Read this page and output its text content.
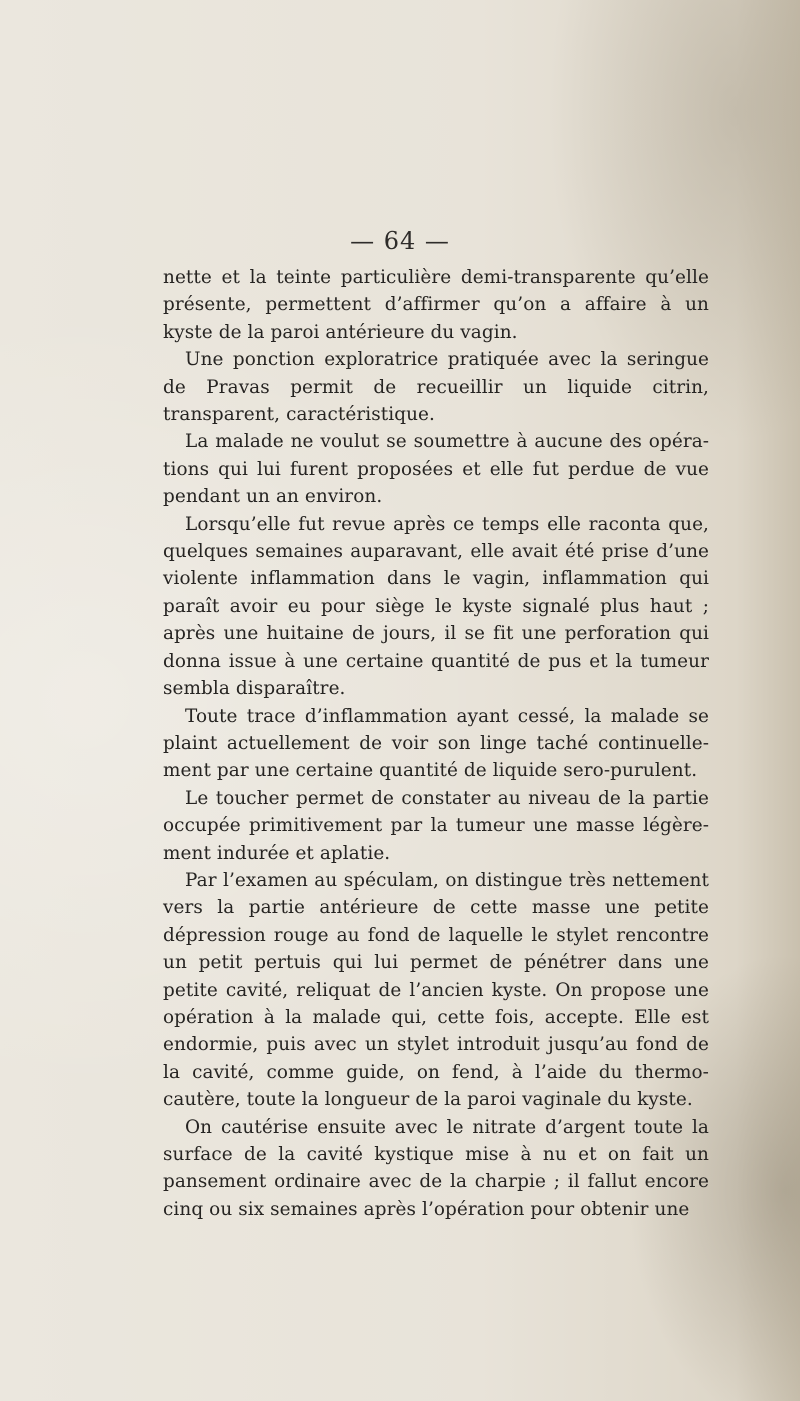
— 64 —

nette et la teinte particulière demi-transparente qu’elle présente, permettent d’affirmer qu’on a affaire à un kyste de la paroi antérieure du vagin.

Une ponction exploratrice pratiquée avec la seringue de Pravas permit de recueillir un liquide citrin, transparent, caractéristique.

La malade ne voulut se soumettre à aucune des opérations qui lui furent proposées et elle fut perdue de vue pendant un an environ.

Lorsqu’elle fut revue après ce temps elle raconta que, quelques semaines auparavant, elle avait été prise d’une violente inflammation dans le vagin, inflammation qui paraît avoir eu pour siège le kyste signalé plus haut ; après une huitaine de jours, il se fit une perforation qui donna issue à une certaine quantité de pus et la tumeur sembla disparaître.

Toute trace d’inflammation ayant cessé, la malade se plaint actuellement de voir son linge taché continuellement par une certaine quantité de liquide sero-purulent.

Le toucher permet de constater au niveau de la partie occupée primitivement par la tumeur une masse légèrement indurée et aplatie.

Par l’examen au spéculam, on distingue très nettement vers la partie antérieure de cette masse une petite dépression rouge au fond de laquelle le stylet rencontre un petit pertuis qui lui permet de pénétrer dans une petite cavité, reliquat de l’ancien kyste. On propose une opération à la malade qui, cette fois, accepte. Elle est endormie, puis avec un stylet introduit jusqu’au fond de la cavité, comme guide, on fend, à l’aide du thermo-cautère, toute la longueur de la paroi vaginale du kyste.

On cautérise ensuite avec le nitrate d’argent toute la surface de la cavité kystique mise à nu et on fait un pansement ordinaire avec de la charpie ; il fallut encore cinq ou six semaines après l’opération pour obtenir une
